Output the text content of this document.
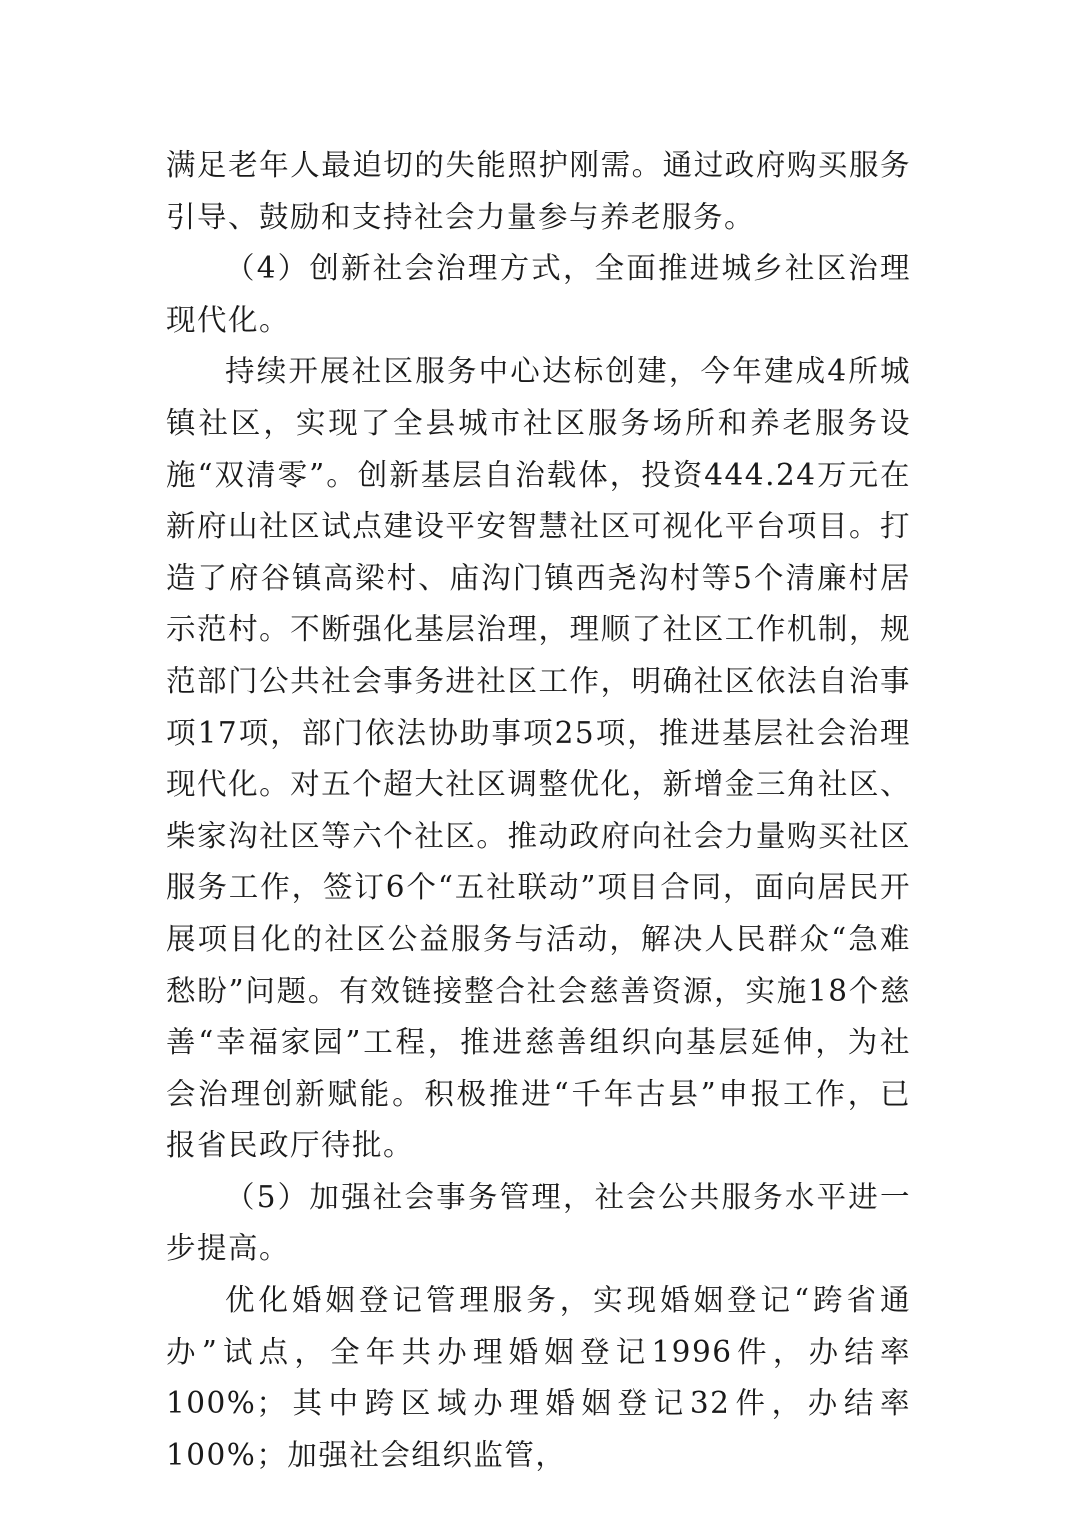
满足老年人最迫切的失能照护刚需。通过政府购买服务引导、鼓励和支持社会力量参与养老服务。

（4）创新社会治理方式，全面推进城乡社区治理现代化。

持续开展社区服务中心达标创建，今年建成4所城镇社区，实现了全县城市社区服务场所和养老服务设施“双清零”。创新基层自治载体，投资444.24万元在新府山社区试点建设平安智慧社区可视化平台项目。打造了府谷镇高梁村、庙沟门镇西尧沟村等5个清廉村居示范村。不断强化基层治理，理顺了社区工作机制，规范部门公共社会事务进社区工作，明确社区依法自治事项17项，部门依法协助事项25项，推进基层社会治理现代化。对五个超大社区调整优化，新增金三角社区、柴家沟社区等六个社区。推动政府向社会力量购买社区服务工作，签订6个“五社联动”项目合同，面向居民开展项目化的社区公益服务与活动，解决人民群众“急难愁盼”问题。有效链接整合社会慈善资源，实施18个慈善“幸福家园”工程，推进慈善组织向基层延伸，为社会治理创新赋能。积极推进“千年古县”申报工作，已报省民政厅待批。

（5）加强社会事务管理，社会公共服务水平进一步提高。

优化婚姻登记管理服务，实现婚姻登记“跨省通办”试点，全年共办理婚姻登记1996件，办结率100%；其中跨区域办理婚姻登记32件，办结率100%；加强社会组织监管，
